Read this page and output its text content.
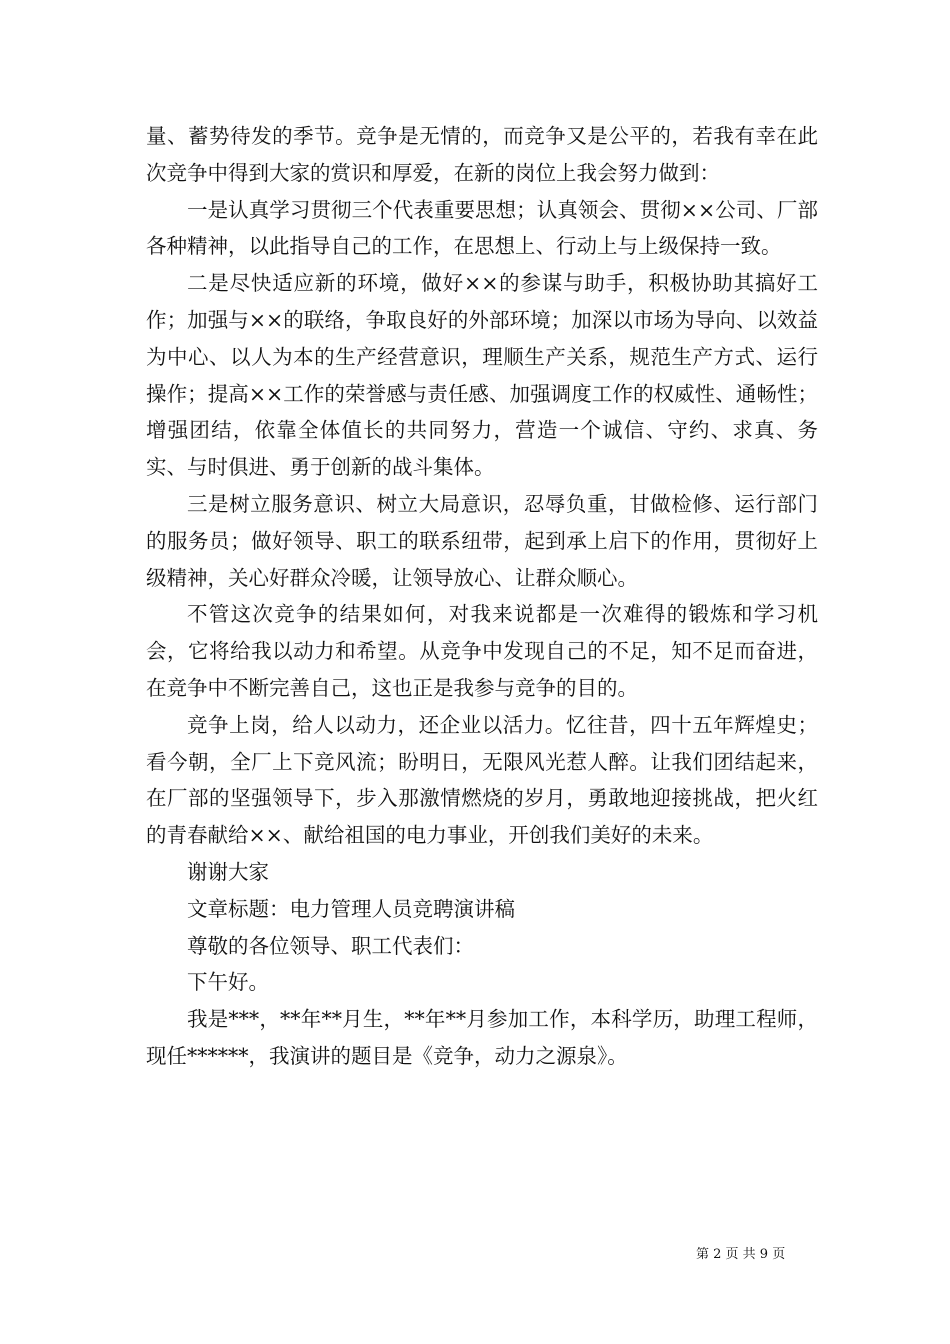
量、蓄势待发的季节。竞争是无情的，而竞争又是公平的，若我有幸在此次竞争中得到大家的赏识和厚爱，在新的岗位上我会努力做到：

一是认真学习贯彻三个代表重要思想；认真领会、贯彻××公司、厂部各种精神，以此指导自己的工作，在思想上、行动上与上级保持一致。

二是尽快适应新的环境，做好××的参谋与助手，积极协助其搞好工作；加强与××的联络，争取良好的外部环境；加深以市场为导向、以效益为中心、以人为本的生产经营意识，理顺生产关系，规范生产方式、运行操作；提高××工作的荣誉感与责任感、加强调度工作的权威性、通畅性；增强团结，依靠全体值长的共同努力，营造一个诚信、守约、求真、务实、与时俱进、勇于创新的战斗集体。

三是树立服务意识、树立大局意识，忍辱负重，甘做检修、运行部门的服务员；做好领导、职工的联系纽带，起到承上启下的作用，贯彻好上级精神，关心好群众冷暖，让领导放心、让群众顺心。

不管这次竞争的结果如何，对我来说都是一次难得的锻炼和学习机会，它将给我以动力和希望。从竞争中发现自己的不足，知不足而奋进，在竞争中不断完善自己，这也正是我参与竞争的目的。

竞争上岗，给人以动力，还企业以活力。忆往昔，四十五年辉煌史；看今朝，全厂上下竞风流；盼明日，无限风光惹人醉。让我们团结起来，在厂部的坚强领导下，步入那激情燃烧的岁月，勇敢地迎接挑战，把火红的青春献给××、献给祖国的电力事业，开创我们美好的未来。

谢谢大家

文章标题：电力管理人员竞聘演讲稿

尊敬的各位领导、职工代表们：

下午好。

我是***，**年**月生，**年**月参加工作，本科学历，助理工程师，现任******，我演讲的题目是《竞争，动力之源泉》。

第 2 页 共 9 页
